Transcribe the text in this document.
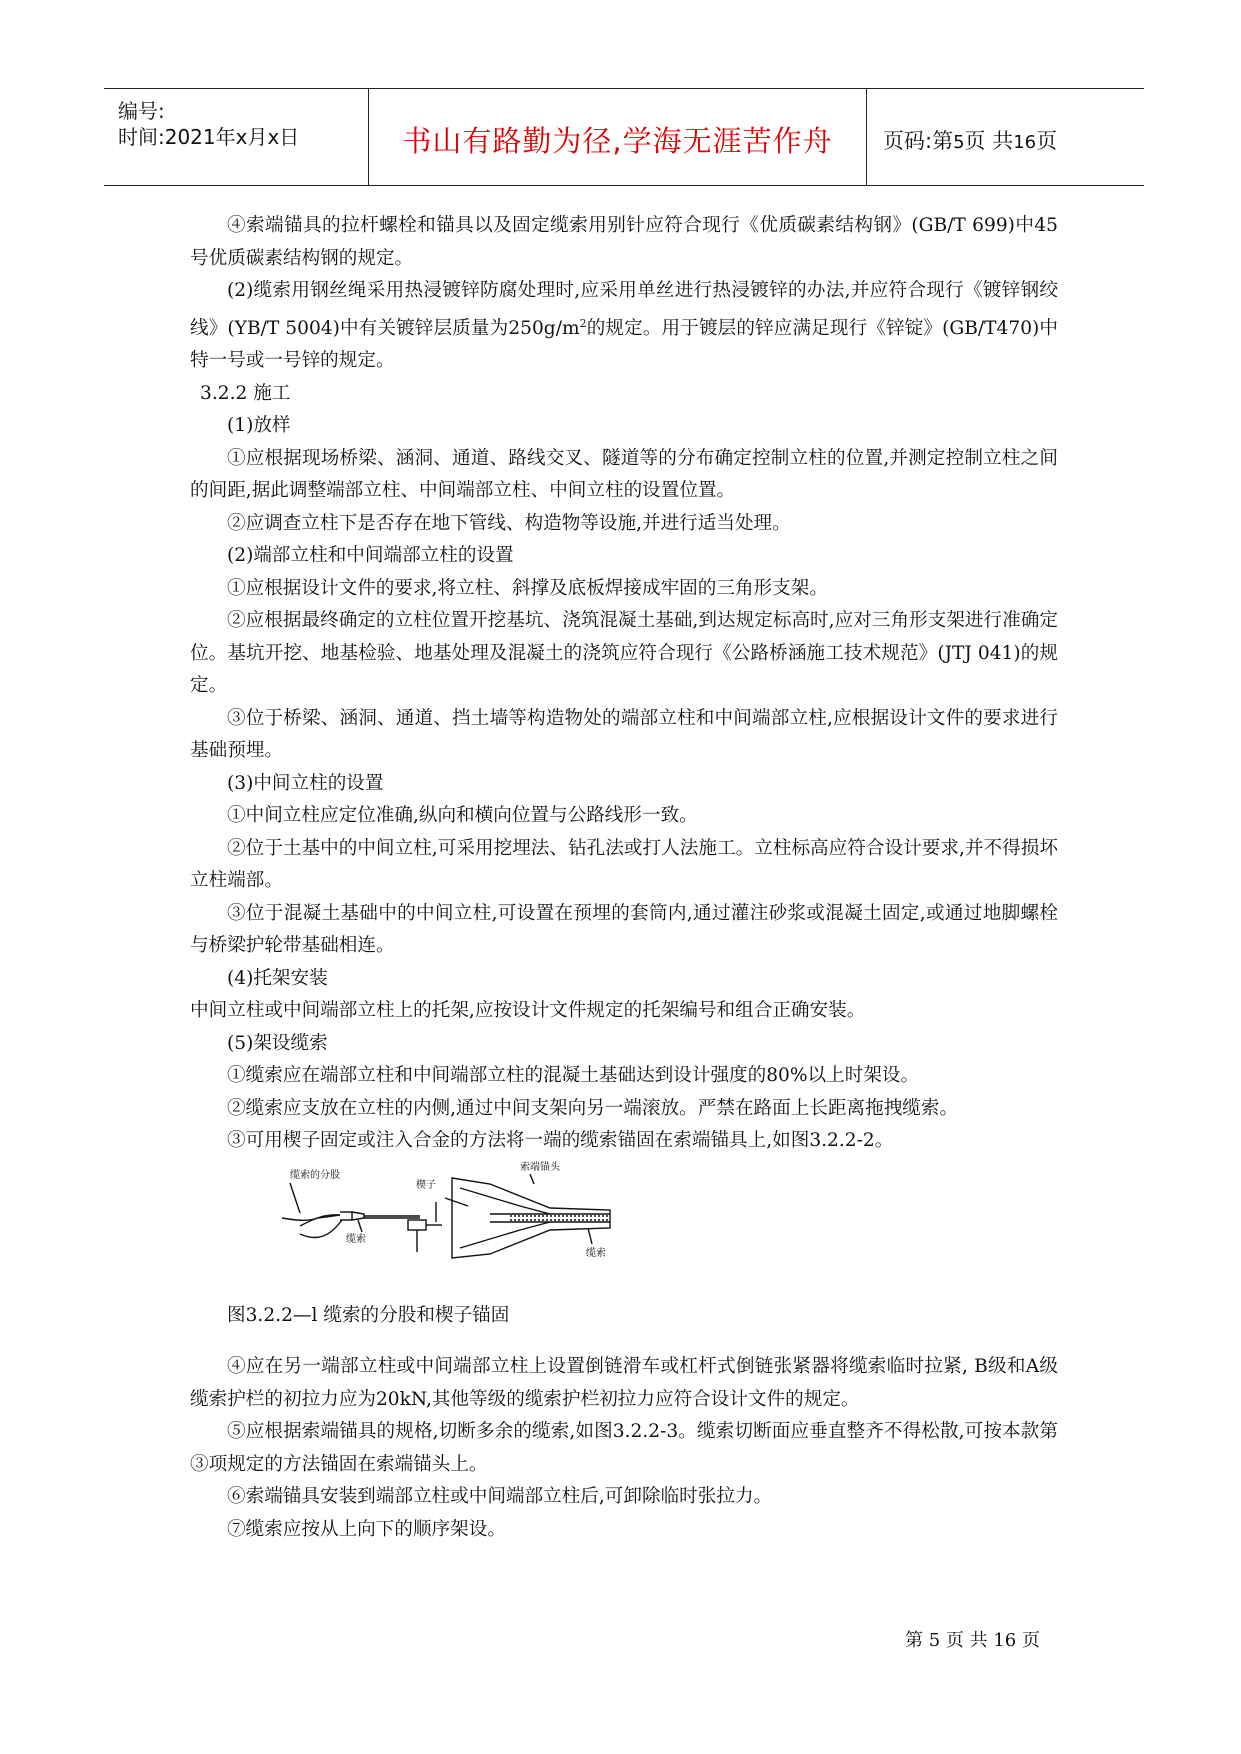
编号:
时间:2021年x月x日	书山有路勤为径,学海无涯苦作舟	页码:第5页 共16页

④索端锚具的拉杆螺栓和锚具以及固定缆索用别针应符合现行《优质碳素结构钢》(GB/T 699)中45号优质碳素结构钢的规定。

(2)缆索用钢丝绳采用热浸镀锌防腐处理时,应采用单丝进行热浸镀锌的办法,并应符合现行《镀锌钢绞线》(YB/T 5004)中有关镀锌层质量为$250g/m^2$的规定。用于镀层的锌应满足现行《锌锭》(GB/T470)中特一号或一号锌的规定。

3.2.2 施工

(1)放样

①应根据现场桥梁、涵洞、通道、路线交叉、隧道等的分布确定控制立柱的位置,并测定控制立柱之间的间距,据此调整端部立柱、中间端部立柱、中间立柱的设置位置。

②应调查立柱下是否存在地下管线、构造物等设施,并进行适当处理。

(2)端部立柱和中间端部立柱的设置

①应根据设计文件的要求,将立柱、斜撑及底板焊接成牢固的三角形支架。

②应根据最终确定的立柱位置开挖基坑、浇筑混凝土基础,到达规定标高时,应对三角形支架进行准确定位。基坑开挖、地基检验、地基处理及混凝土的浇筑应符合现行《公路桥涵施工技术规范》(JTJ 041)的规定。

③位于桥梁、涵洞、通道、挡土墙等构造物处的端部立柱和中间端部立柱,应根据设计文件的要求进行基础预埋。

(3)中间立柱的设置

①中间立柱应定位准确,纵向和横向位置与公路线形一致。

②位于土基中的中间立柱,可采用挖埋法、钻孔法或打人法施工。立柱标高应符合设计要求,并不得损坏立柱端部。

③位于混凝土基础中的中间立柱,可设置在预埋的套筒内,通过灌注砂浆或混凝土固定,或通过地脚螺栓与桥梁护轮带基础相连。

(4)托架安装

中间立柱或中间端部立柱上的托架,应按设计文件规定的托架编号和组合正确安装。

(5)架设缆索

①缆索应在端部立柱和中间端部立柱的混凝土基础达到设计强度的80%以上时架设。

②缆索应支放在立柱的内侧,通过中间支架向另一端滚放。严禁在路面上长距离拖拽缆索。

③可用楔子固定或注入合金的方法将一端的缆索锚固在索端锚具上,如图3.2.2-2。

缆索的分股
缆索
楔子
索端锚头
缆索

图3.2.2—l 缆索的分股和楔子锚固

④应在另一端部立柱或中间端部立柱上设置倒链滑车或杠杆式倒链张紧器将缆索临时拉紧, B级和A级缆索护栏的初拉力应为20kN,其他等级的缆索护栏初拉力应符合设计文件的规定。

⑤应根据索端锚具的规格,切断多余的缆索,如图3.2.2-3。缆索切断面应垂直整齐不得松散,可按本款第③项规定的方法锚固在索端锚头上。

⑥索端锚具安装到端部立柱或中间端部立柱后,可卸除临时张拉力。

⑦缆索应按从上向下的顺序架设。

第 5 页 共 16 页
